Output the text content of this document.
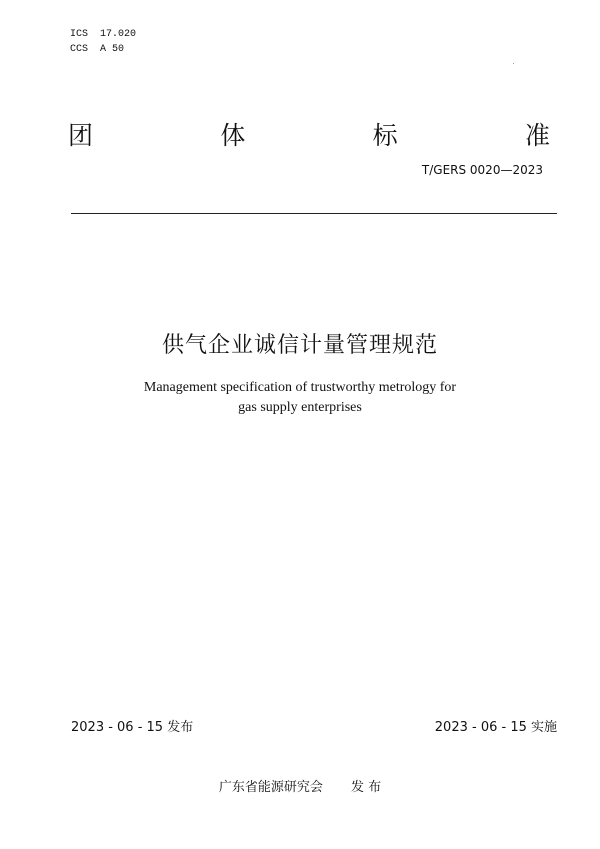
ICS  17.020
CCS  A 50
团	体	标	准
T/GERS 0020—2023
供气企业诚信计量管理规范
Management specification of trustworthy metrology for
gas supply enterprises
2023 - 06 - 15 发布	2023 - 06 - 15 实施
广东省能源研究会 发 布
